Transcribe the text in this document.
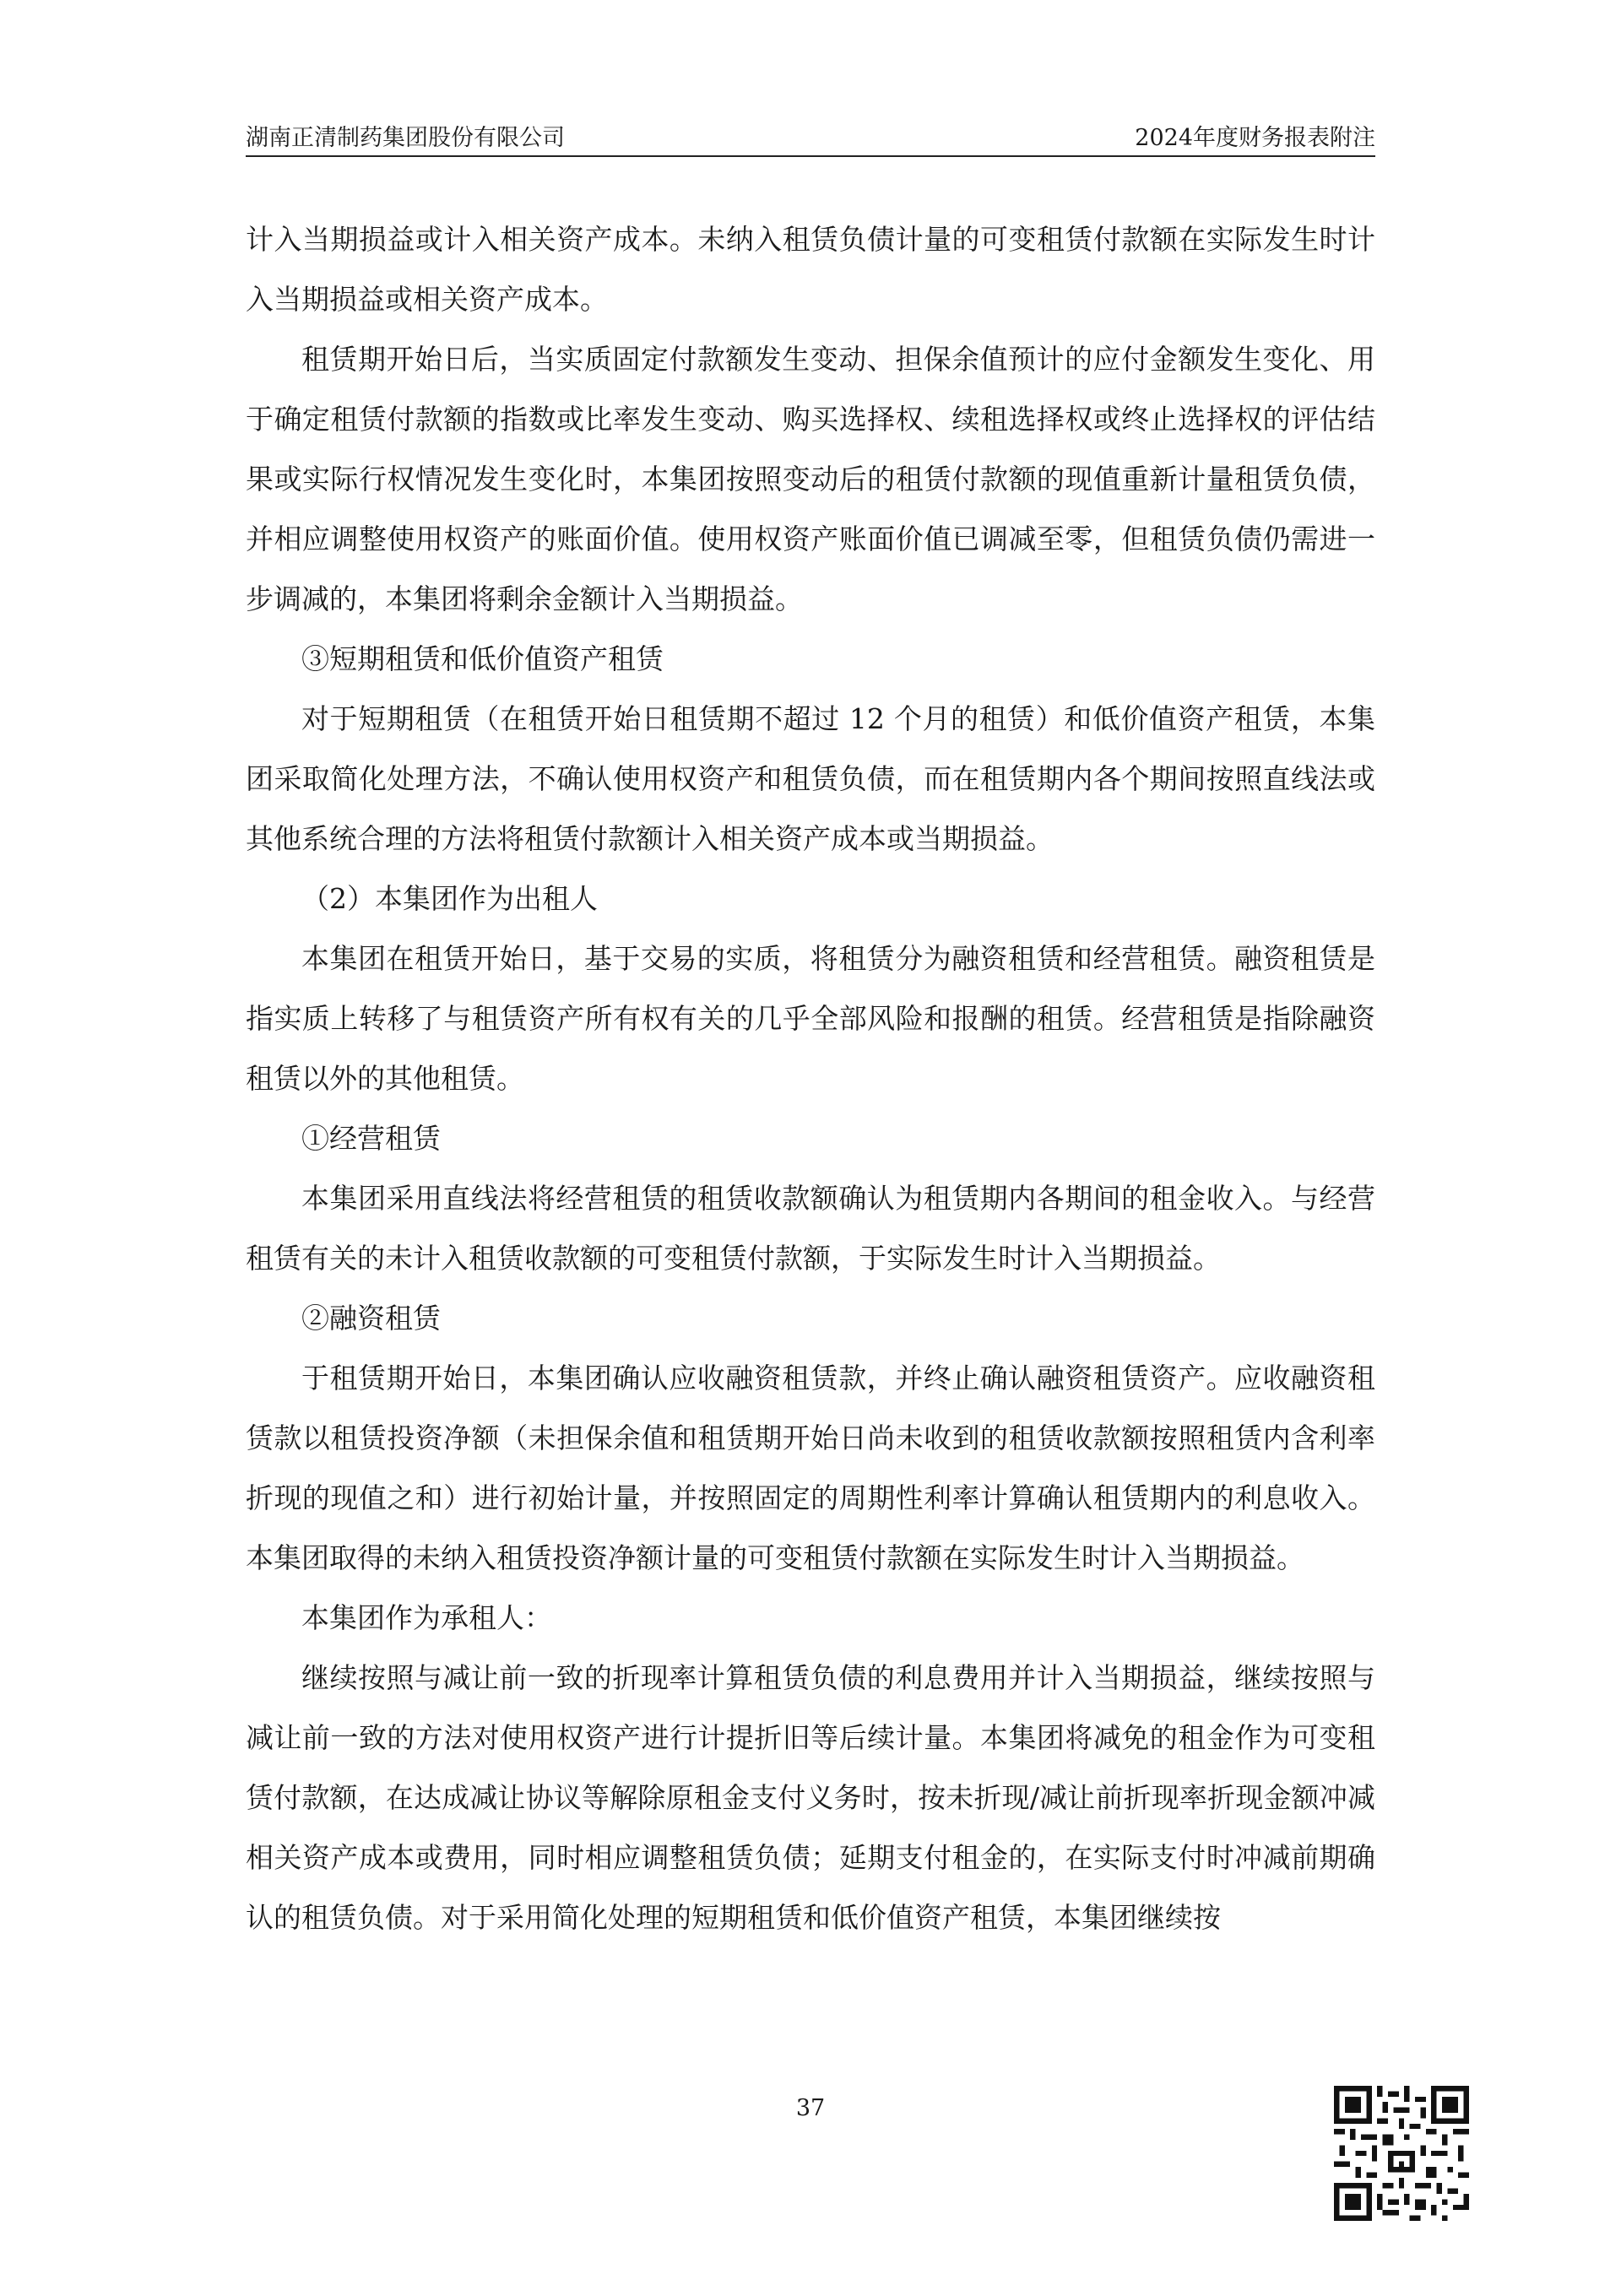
湖南正清制药集团股份有限公司	2024年度财务报表附注

计入当期损益或计入相关资产成本。未纳入租赁负债计量的可变租赁付款额在实际发生时计入当期损益或相关资产成本。

租赁期开始日后，当实质固定付款额发生变动、担保余值预计的应付金额发生变化、用于确定租赁付款额的指数或比率发生变动、购买选择权、续租选择权或终止选择权的评估结果或实际行权情况发生变化时，本集团按照变动后的租赁付款额的现值重新计量租赁负债，并相应调整使用权资产的账面价值。使用权资产账面价值已调减至零，但租赁负债仍需进一步调减的，本集团将剩余金额计入当期损益。

③短期租赁和低价值资产租赁

对于短期租赁（在租赁开始日租赁期不超过 12 个月的租赁）和低价值资产租赁，本集团采取简化处理方法，不确认使用权资产和租赁负债，而在租赁期内各个期间按照直线法或其他系统合理的方法将租赁付款额计入相关资产成本或当期损益。

（2）本集团作为出租人

本集团在租赁开始日，基于交易的实质，将租赁分为融资租赁和经营租赁。融资租赁是指实质上转移了与租赁资产所有权有关的几乎全部风险和报酬的租赁。经营租赁是指除融资租赁以外的其他租赁。

①经营租赁

本集团采用直线法将经营租赁的租赁收款额确认为租赁期内各期间的租金收入。与经营租赁有关的未计入租赁收款额的可变租赁付款额，于实际发生时计入当期损益。

②融资租赁

于租赁期开始日，本集团确认应收融资租赁款，并终止确认融资租赁资产。应收融资租赁款以租赁投资净额（未担保余值和租赁期开始日尚未收到的租赁收款额按照租赁内含利率折现的现值之和）进行初始计量，并按照固定的周期性利率计算确认租赁期内的利息收入。本集团取得的未纳入租赁投资净额计量的可变租赁付款额在实际发生时计入当期损益。

本集团作为承租人：

继续按照与减让前一致的折现率计算租赁负债的利息费用并计入当期损益，继续按照与减让前一致的方法对使用权资产进行计提折旧等后续计量。本集团将减免的租金作为可变租赁付款额，在达成减让协议等解除原租金支付义务时，按未折现/减让前折现率折现金额冲减相关资产成本或费用，同时相应调整租赁负债；延期支付租金的，在实际支付时冲减前期确认的租赁负债。对于采用简化处理的短期租赁和低价值资产租赁，本集团继续按

37
